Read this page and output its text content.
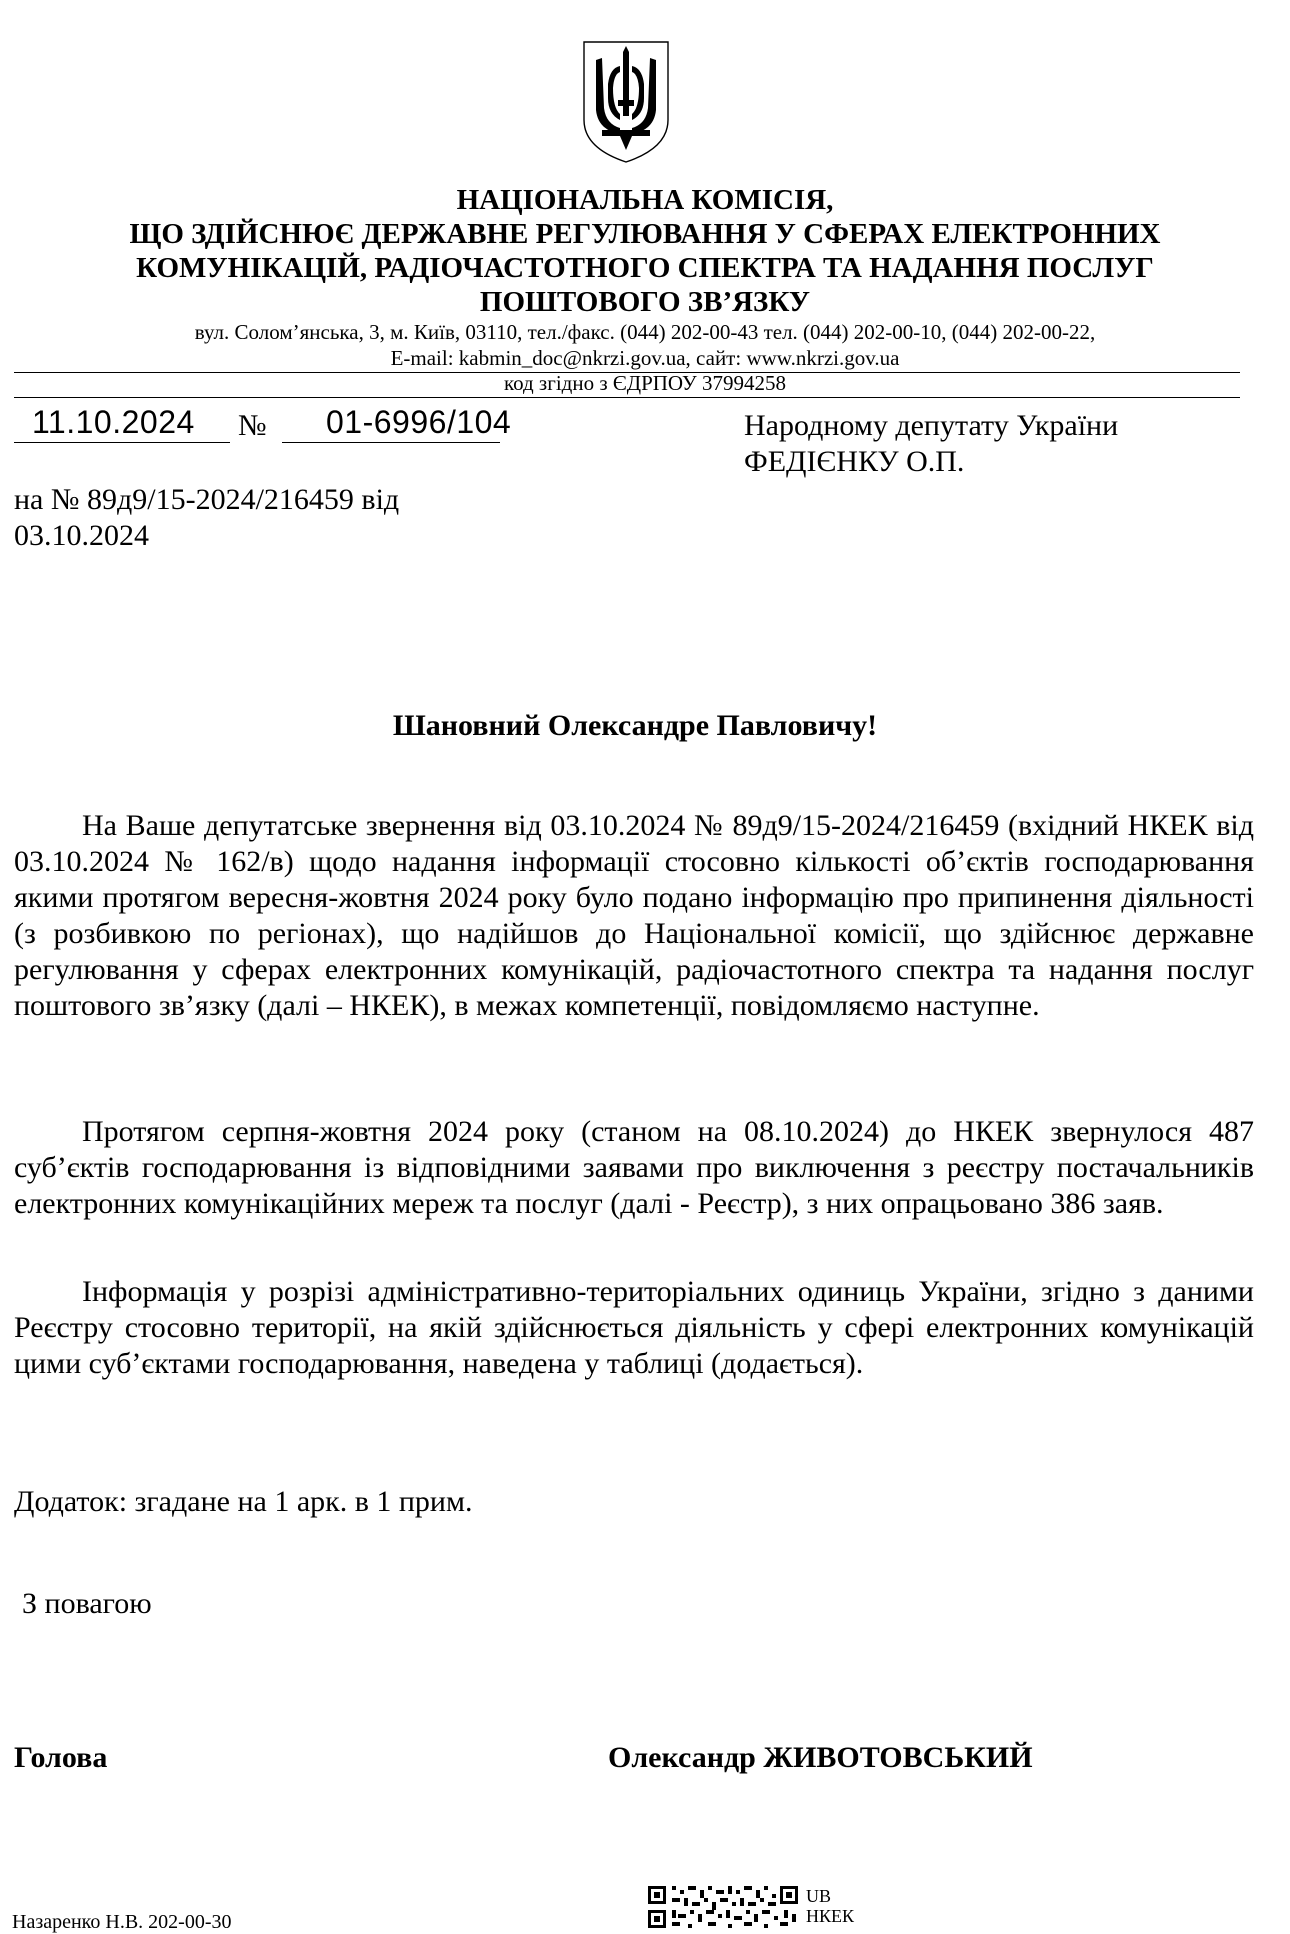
НАЦІОНАЛЬНА КОМІСІЯ,
ЩО ЗДІЙСНЮЄ ДЕРЖАВНЕ РЕГУЛЮВАННЯ У СФЕРАХ ЕЛЕКТРОННИХ
КОМУНІКАЦІЙ, РАДІОЧАСТОТНОГО СПЕКТРА ТА НАДАННЯ ПОСЛУГ
ПОШТОВОГО ЗВ’ЯЗКУ
вул. Солом’янська, 3, м. Київ, 03110, тел./факс. (044) 202-00-43 тел. (044) 202-00-10, (044) 202-00-22,
E-mail: kabmin_doc@nkrzi.gov.ua, сайт: www.nkrzi.gov.ua
код згідно з ЄДРПОУ 37994258
11.10.2024 № 01-6996/104	Народному депутату України
ФЕДІЄНКУ О.П.
на № 89д9/15-2024/216459 від
03.10.2024
Шановний Олександре Павловичу!
На Ваше депутатське звернення від 03.10.2024 № 89д9/15-2024/216459 (вхідний НКЕК від 03.10.2024 № 162/в) щодо надання інформації стосовно кількості об’єктів господарювання якими протягом вересня-жовтня 2024 року було подано інформацію про припинення діяльності (з розбивкою по регіонах), що надійшов до Національної комісії, що здійснює державне регулювання у сферах електронних комунікацій, радіочастотного спектра та надання послуг поштового зв’язку (далі – НКЕК), в межах компетенції, повідомляємо наступне.
Протягом серпня-жовтня 2024 року (станом на 08.10.2024) до НКЕК звернулося 487 суб’єктів господарювання із відповідними заявами про виключення з реєстру постачальників електронних комунікаційних мереж та послуг (далі - Реєстр), з них опрацьовано 386 заяв.
Інформація у розрізі адміністративно-територіальних одиниць України, згідно з даними Реєстру стосовно території, на якій здійснюється діяльність у сфері електронних комунікацій цими суб’єктами господарювання, наведена у таблиці (додається).
Додаток: згадане на 1 арк. в 1 прим.
З повагою
Голова	Олександр ЖИВОТОВСЬКИЙ
Назаренко Н.В. 202-00-30
UB
НКЕК
